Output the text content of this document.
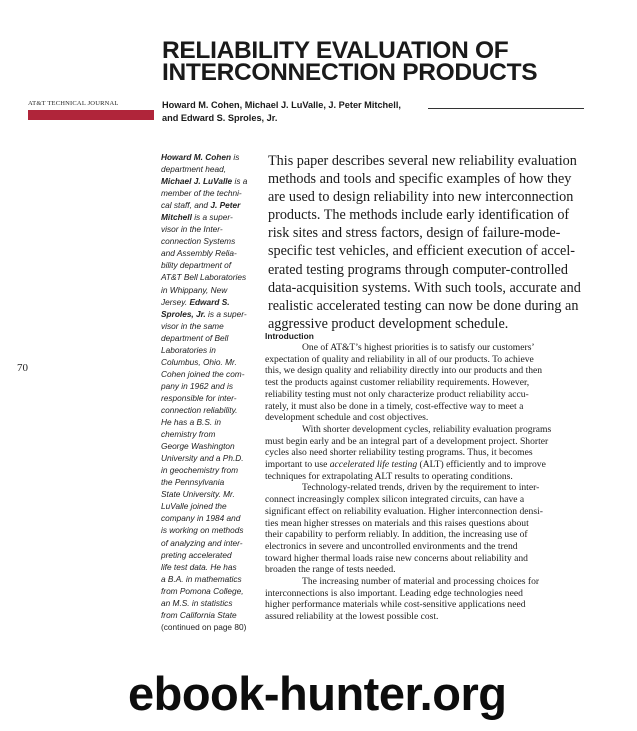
RELIABILITY EVALUATION OF
INTERCONNECTION PRODUCTS
AT&T TECHNICAL JOURNAL	Howard M. Cohen, Michael J. LuValle, J. Peter Mitchell,
and Edward S. Sproles, Jr.
70
Howard M. Cohen is
department head,
Michael J. LuValle is a
member of the techni-
cal staff, and J. Peter
Mitchell is a super-
visor in the Inter-
connection Systems
and Assembly Relia-
bility department of
AT&T Bell Laboratories
in Whippany, New
Jersey. Edward S.
Sproles, Jr. is a super-
visor in the same
department of Bell
Laboratories in
Columbus, Ohio. Mr.
Cohen joined the com-
pany in 1962 and is
responsible for inter-
connection reliability.
He has a B.S. in
chemistry from
George Washington
University and a Ph.D.
in geochemistry from
the Pennsylvania
State University. Mr.
LuValle joined the
company in 1984 and
is working on methods
of analyzing and inter-
preting accelerated
life test data. He has
a B.A. in mathematics
from Pomona College,
an M.S. in statistics
from California State
(continued on page 80)
This paper describes several new reliability evaluation
methods and tools and specific examples of how they
are used to design reliability into new interconnection
products. The methods include early identification of
risk sites and stress factors, design of failure-mode-
specific test vehicles, and efficient execution of accel-
erated testing programs through computer-controlled
data-acquisition systems. With such tools, accurate and
realistic accelerated testing can now be done during an
aggressive product development schedule.
Introduction
One of AT&T’s highest priorities is to satisfy our customers’
expectation of quality and reliability in all of our products. To achieve
this, we design quality and reliability directly into our products and then
test the products against customer reliability requirements. However,
reliability testing must not only characterize product reliability accu-
rately, it must also be done in a timely, cost-effective way to meet a
development schedule and cost objectives.
With shorter development cycles, reliability evaluation programs
must begin early and be an integral part of a development project. Shorter
cycles also need shorter reliability testing programs. Thus, it becomes
important to use accelerated life testing (ALT) efficiently and to improve
techniques for extrapolating ALT results to operating conditions.
Technology-related trends, driven by the requirement to inter-
connect increasingly complex silicon integrated circuits, can have a
significant effect on reliability evaluation. Higher interconnection densi-
ties mean higher stresses on materials and this raises questions about
their capability to perform reliably. In addition, the increasing use of
electronics in severe and uncontrolled environments and the trend
toward higher thermal loads raise new concerns about reliability and
broaden the range of tests needed.
The increasing number of material and processing choices for
interconnections is also important. Leading edge technologies need
higher performance materials while cost-sensitive applications need
assured reliability at the lowest possible cost.
ebook-hunter.org
